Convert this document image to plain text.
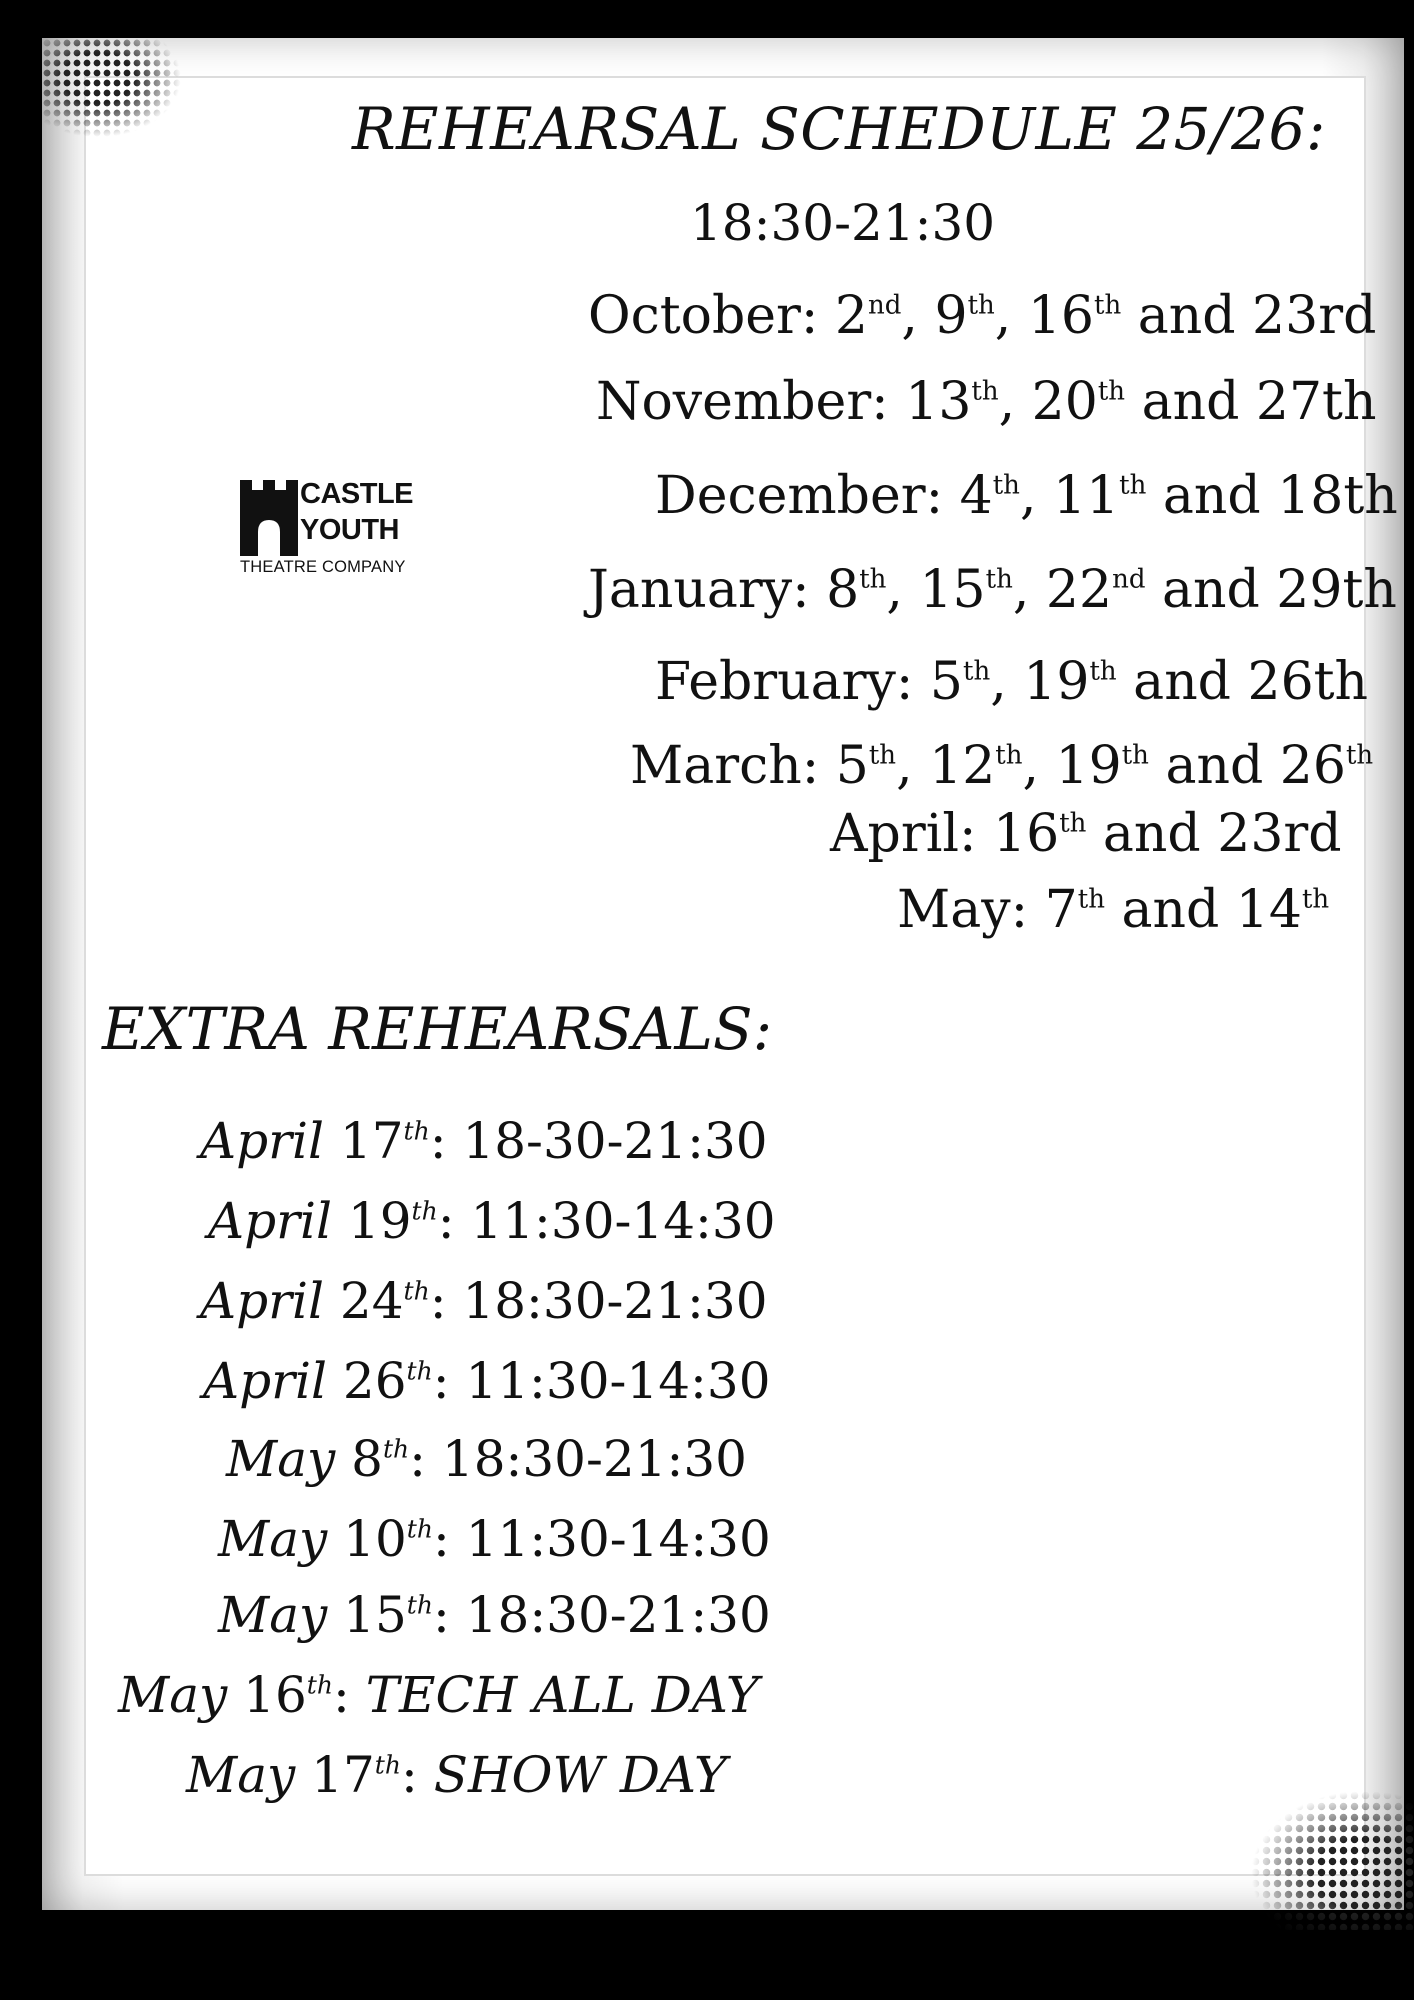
CASTLE
YOUTH
THEATRE COMPANY
REHEARSAL SCHEDULE 25/26:
18:30-21:30
October: 2nd, 9th, 16th and 23rd
November: 13th, 20th and 27th
December: 4th, 11th and 18th
January: 8th, 15th, 22nd and 29th
February: 5th, 19th and 26th
March: 5th, 12th, 19th and 26th
April: 16th and 23rd
May: 7th and 14th
EXTRA REHEARSALS:
April 17th: 18-30-21:30
April 19th: 11:30-14:30
April 24th: 18:30-21:30
April 26th: 11:30-14:30
May 8th: 18:30-21:30
May 10th: 11:30-14:30
May 15th: 18:30-21:30
May 16th: TECH ALL DAY
May 17th: SHOW DAY
